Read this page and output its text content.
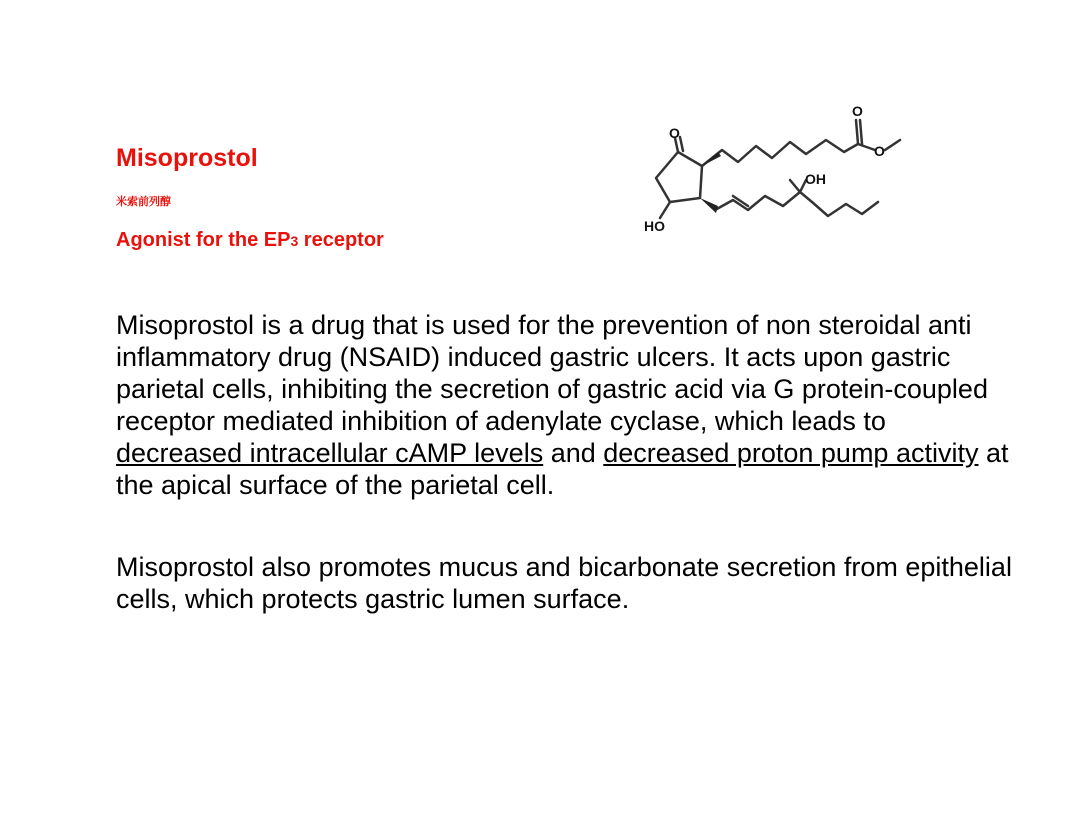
Misoprostol
米索前列醇
Agonist for the EP3 receptor
O
O
O
OH
HO

Misoprostol is a drug that is used for the prevention of non steroidal anti inflammatory drug (NSAID) induced gastric ulcers. It acts upon gastric parietal cells, inhibiting the secretion of gastric acid via G protein-coupled receptor mediated inhibition of adenylate cyclase, which leads to decreased intracellular cAMP levels and decreased proton pump activity at the apical surface of the parietal cell.

Misoprostol also promotes mucus and bicarbonate secretion from epithelial cells, which protects gastric lumen surface.
